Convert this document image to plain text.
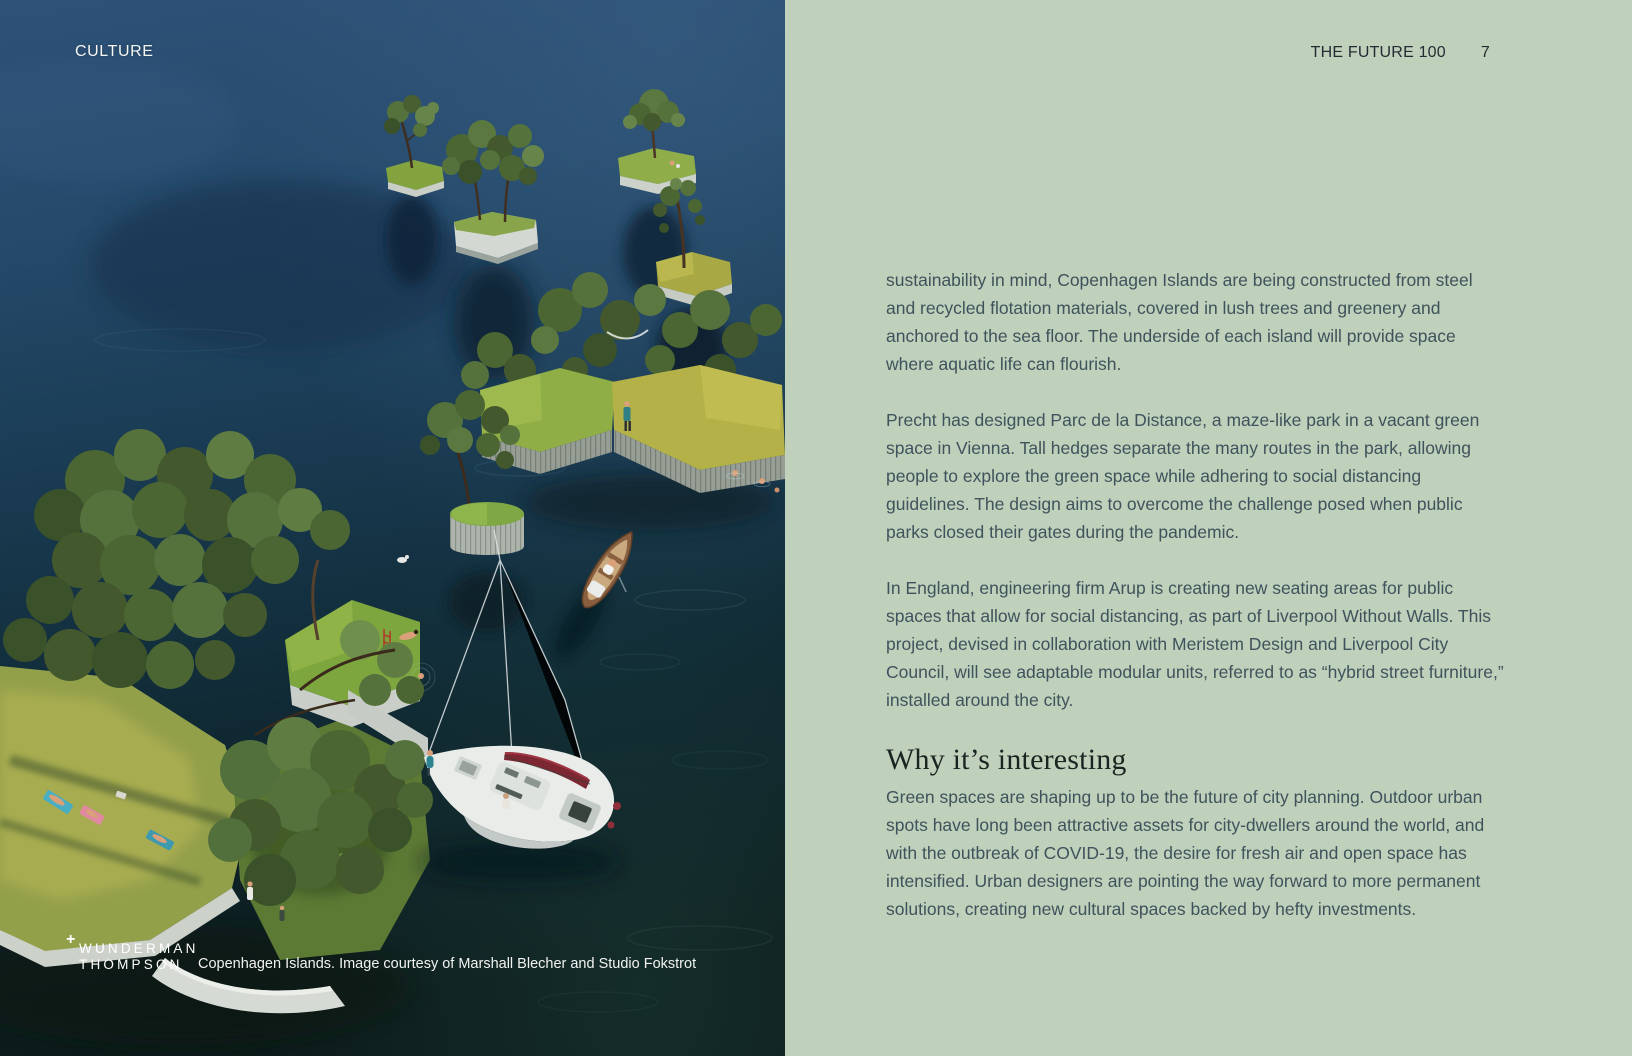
CULTURE
+
WUNDERMAN
THOMPSON	Copenhagen Islands. Image courtesy of Marshall Blecher and Studio Fokstrot
THE FUTURE 100 7

sustainability in mind, Copenhagen Islands are being constructed from steel and recycled flotation materials, covered in lush trees and greenery and anchored to the sea floor. The underside of each island will provide space where aquatic life can flourish.

Precht has designed Parc de la Distance, a maze-like park in a vacant green space in Vienna. Tall hedges separate the many routes in the park, allowing people to explore the green space while adhering to social distancing guidelines. The design aims to overcome the challenge posed when public parks closed their gates during the pandemic.

In England, engineering firm Arup is creating new seating areas for public spaces that allow for social distancing, as part of Liverpool Without Walls. This project, devised in collaboration with Meristem Design and Liverpool City Council, will see adaptable modular units, referred to as “hybrid street furniture,” installed around the city.

Why it’s interesting

Green spaces are shaping up to be the future of city planning. Outdoor urban spots have long been attractive assets for city-dwellers around the world, and with the outbreak of COVID-19, the desire for fresh air and open space has intensified. Urban designers are pointing the way forward to more permanent solutions, creating new cultural spaces backed by hefty investments.
